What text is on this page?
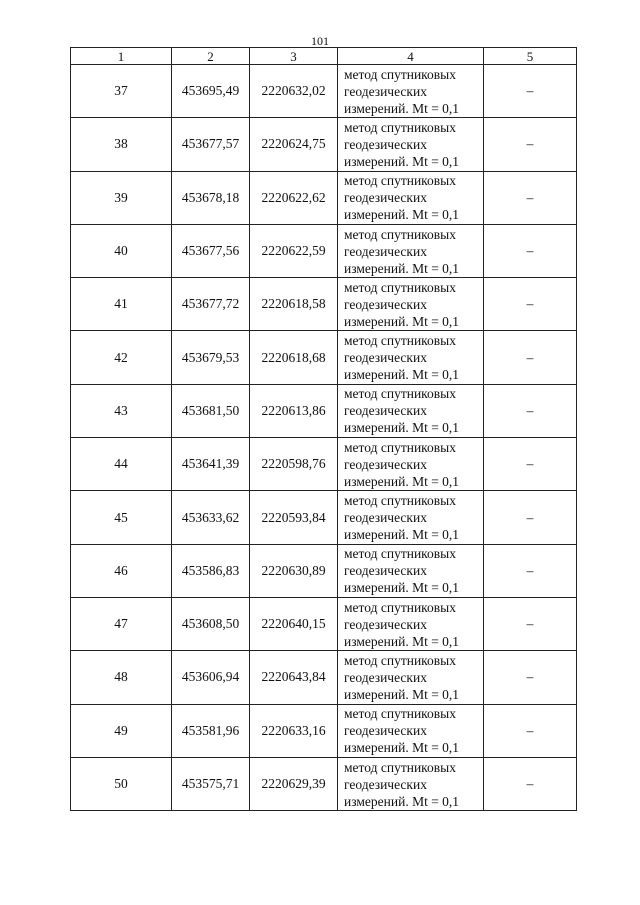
101
1	2	3	4	5
37	453695,49	2220632,02	метод спутниковых
геодезических
измерений. Mt = 0,1	–
38	453677,57	2220624,75	метод спутниковых
геодезических
измерений. Mt = 0,1	–
39	453678,18	2220622,62	метод спутниковых
геодезических
измерений. Mt = 0,1	–
40	453677,56	2220622,59	метод спутниковых
геодезических
измерений. Mt = 0,1	–
41	453677,72	2220618,58	метод спутниковых
геодезических
измерений. Mt = 0,1	–
42	453679,53	2220618,68	метод спутниковых
геодезических
измерений. Mt = 0,1	–
43	453681,50	2220613,86	метод спутниковых
геодезических
измерений. Mt = 0,1	–
44	453641,39	2220598,76	метод спутниковых
геодезических
измерений. Mt = 0,1	–
45	453633,62	2220593,84	метод спутниковых
геодезических
измерений. Mt = 0,1	–
46	453586,83	2220630,89	метод спутниковых
геодезических
измерений. Mt = 0,1	–
47	453608,50	2220640,15	метод спутниковых
геодезических
измерений. Mt = 0,1	–
48	453606,94	2220643,84	метод спутниковых
геодезических
измерений. Mt = 0,1	–
49	453581,96	2220633,16	метод спутниковых
геодезических
измерений. Mt = 0,1	–
50	453575,71	2220629,39	метод спутниковых
геодезических
измерений. Mt = 0,1	–
